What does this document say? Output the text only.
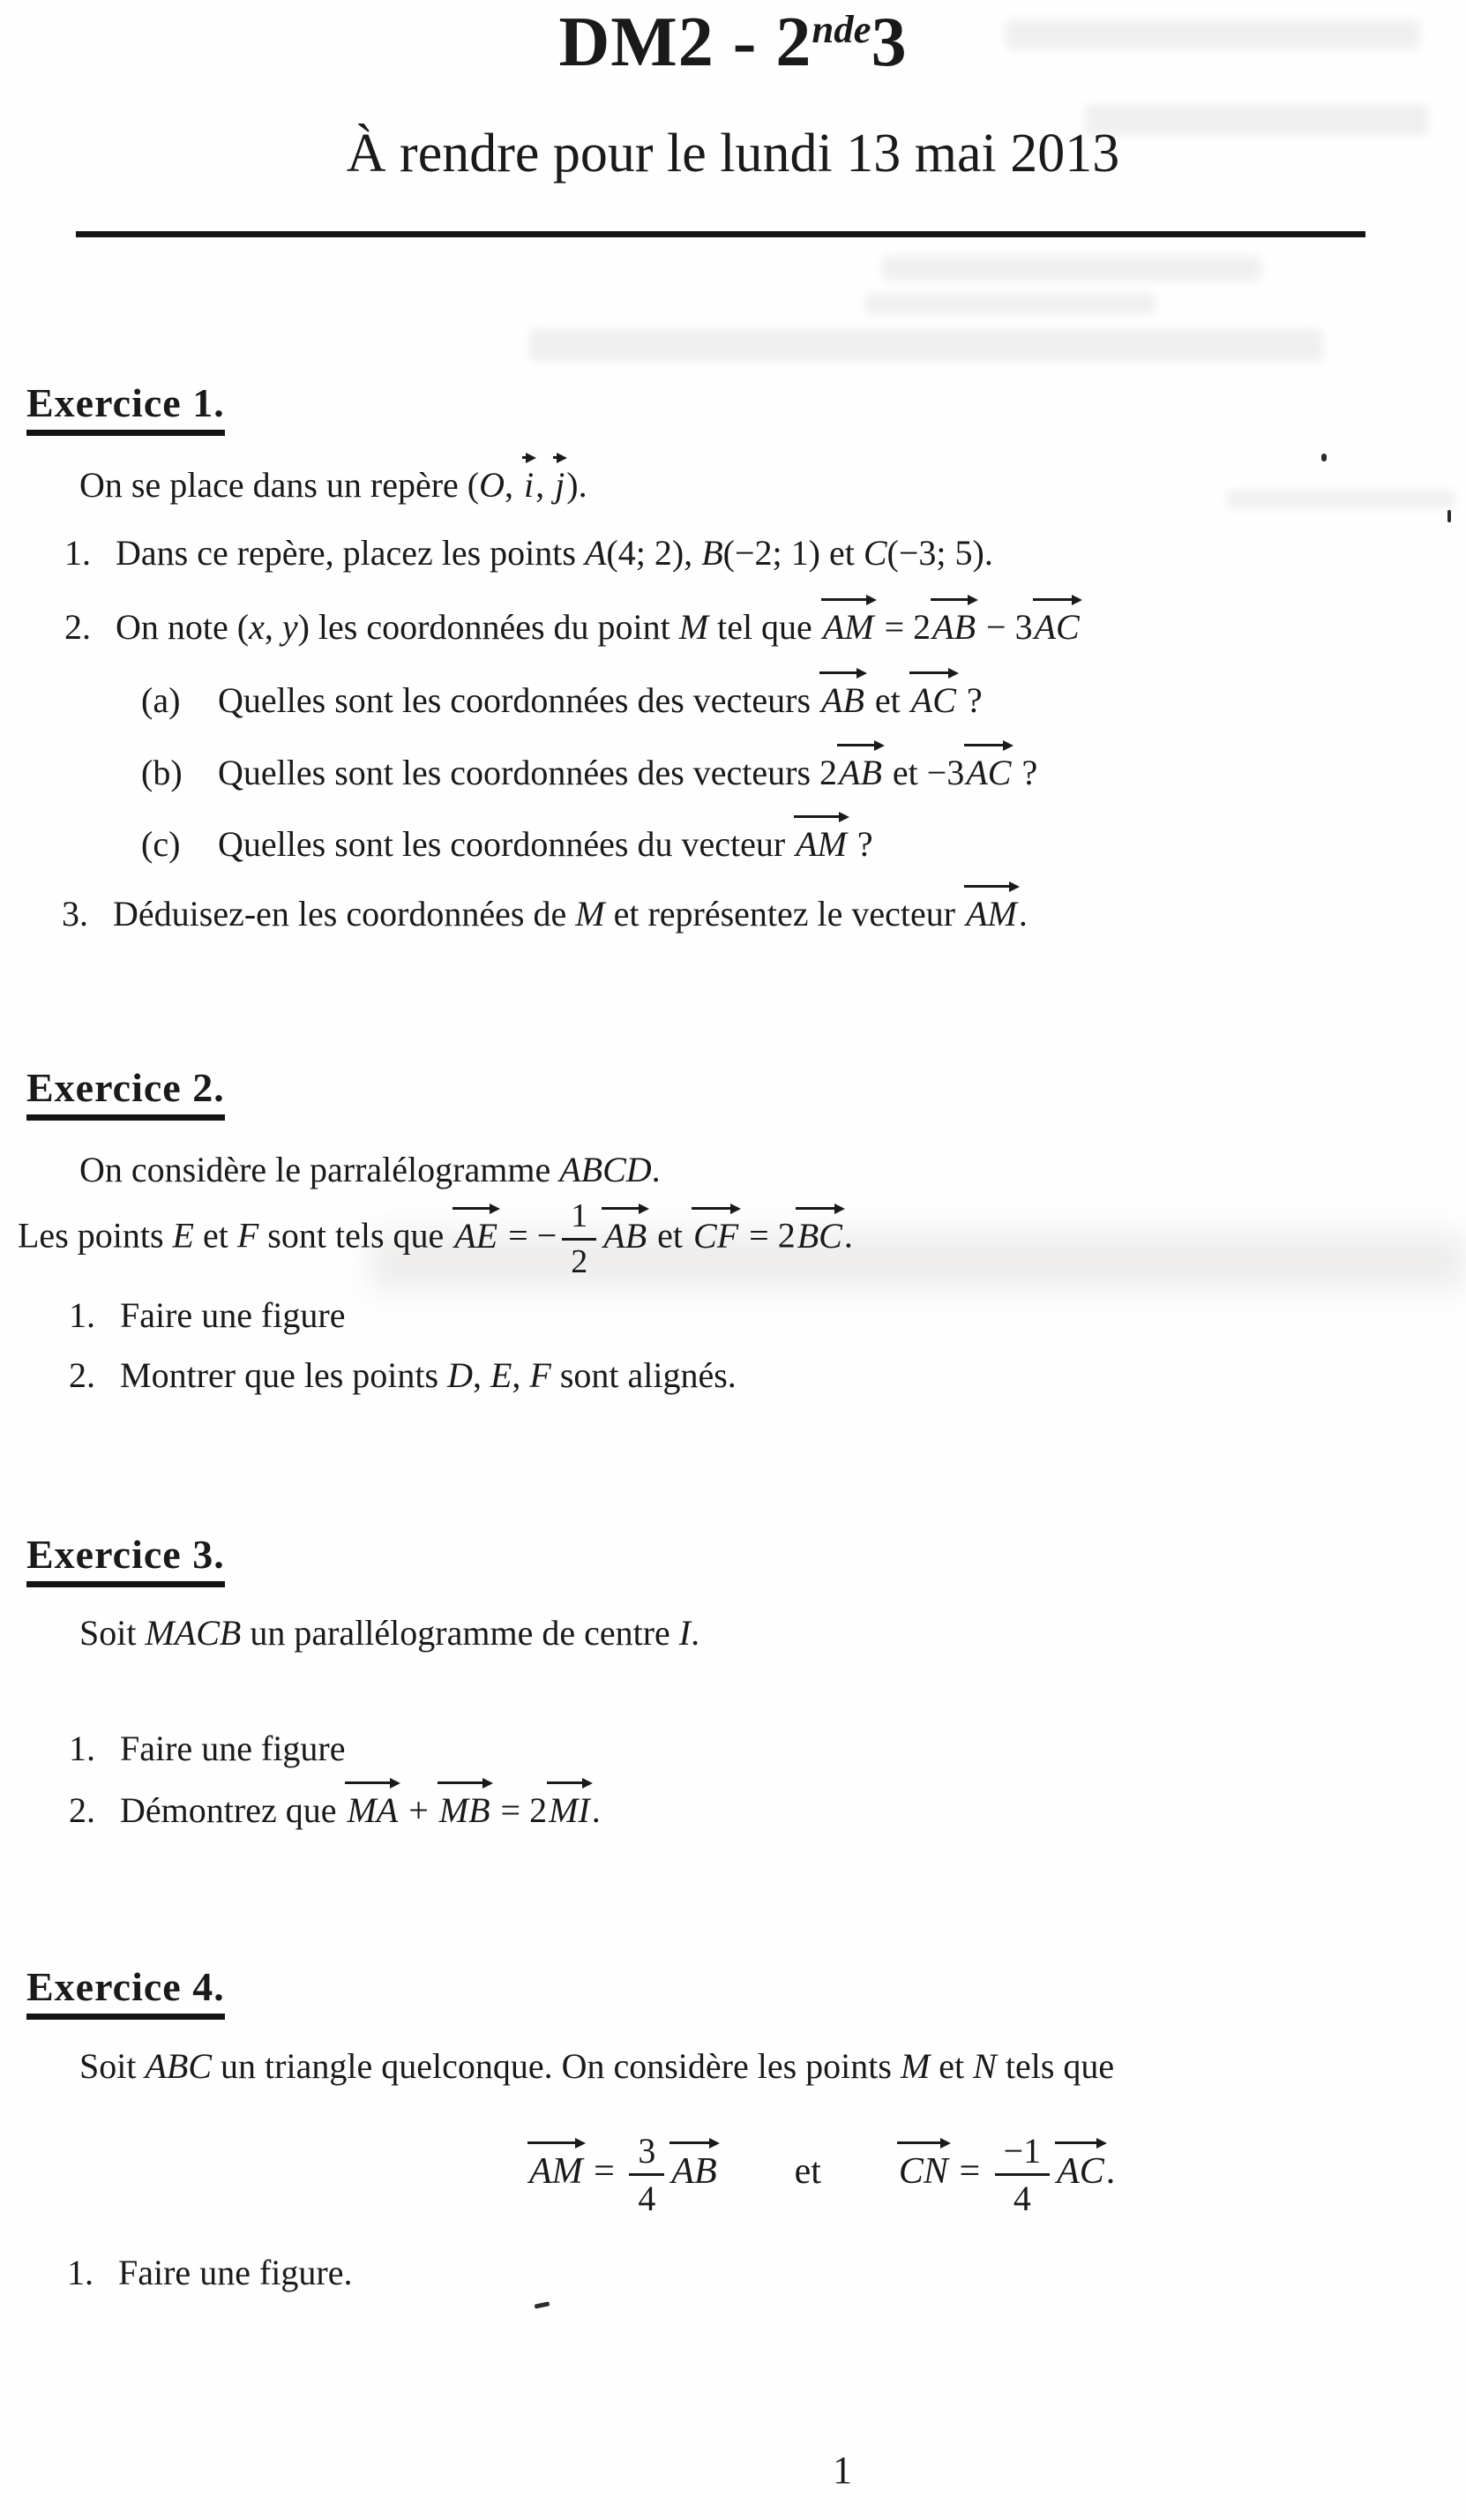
DM2 - 2nde3
À rendre pour le lundi 13 mai 2013
Exercice 1.
On se place dans un repère (O, i, j).
1. Dans ce repère, placez les points A(4; 2), B(−2; 1) et C(−3; 5).
2. On note (x, y) les coordonnées du point M tel que AM = 2AB − 3AC
(a) Quelles sont les coordonnées des vecteurs AB et AC ?
(b) Quelles sont les coordonnées des vecteurs 2AB et −3AC ?
(c) Quelles sont les coordonnées du vecteur AM ?
3. Déduisez-en les coordonnées de M et représentez le vecteur AM.
Exercice 2.
On considère le parralélogramme ABCD.
Les points E et F sont tels que AE = − $\frac{1}{2}$ AB et CF = 2BC.
1. Faire une figure
2. Montrer que les points D, E, F sont alignés.
Exercice 3.
Soit MACB un parallélogramme de centre I.
1. Faire une figure
2. Démontrez que MA + MB = 2MI.
Exercice 4.
Soit ABC un triangle quelconque. On considère les points M et N tels que
AM = $\frac{3}{4}$ AB et CN = $\frac{-1}{4}$ AC.
1. Faire une figure.
1
